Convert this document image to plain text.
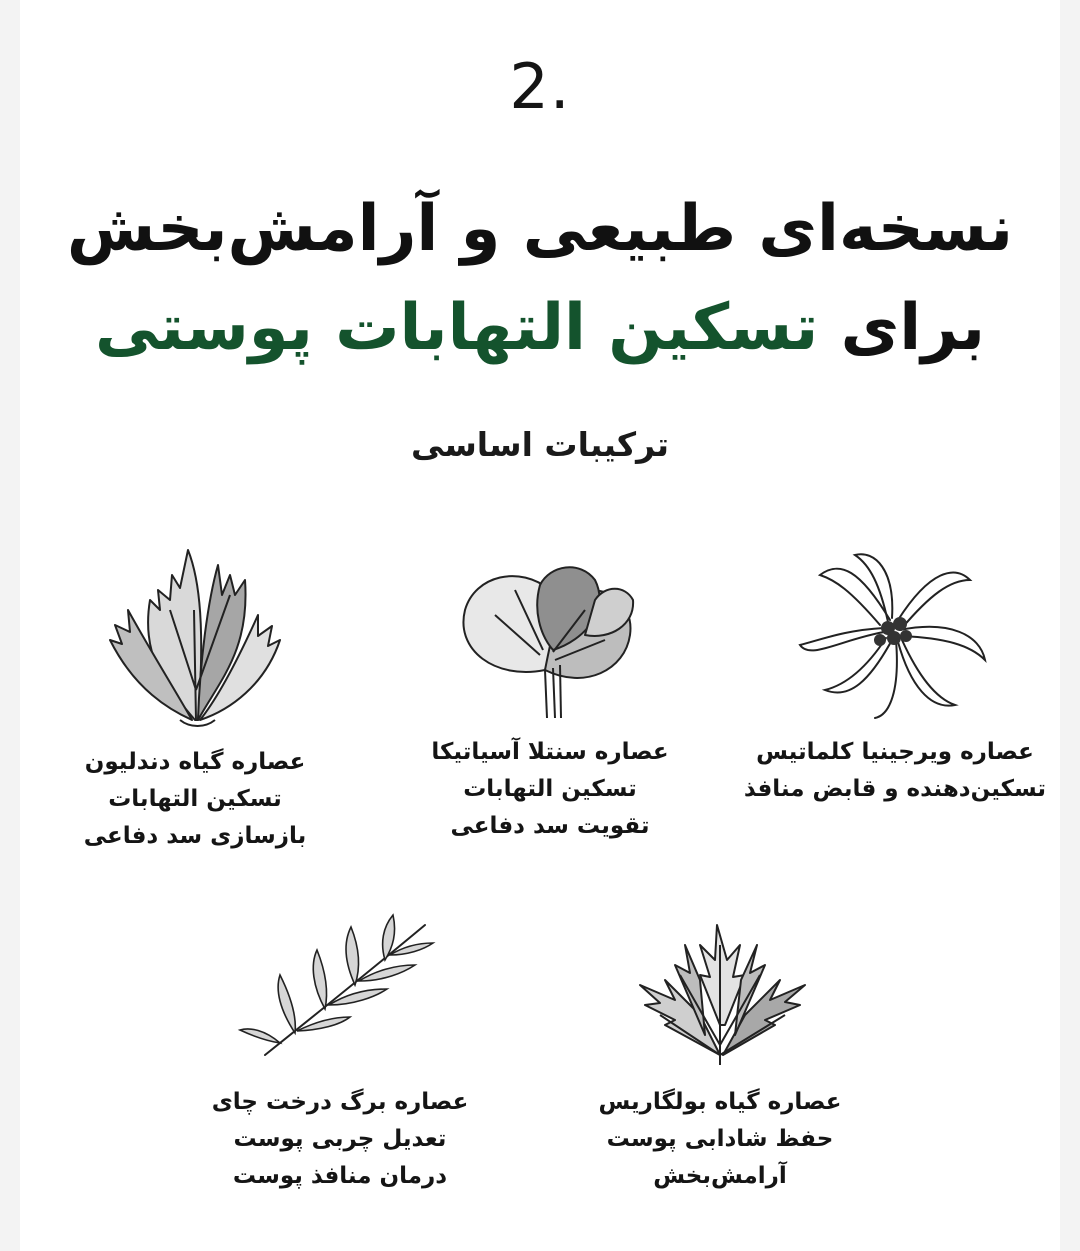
2.
نسخه‌ای طبیعی و آرامش‌بخش
برای تسکین التهابات پوستی
ترکیبات اساسی
عصاره ویرجینیا کلماتیس
تسکین‌دهنده و قابض منافذ
عصاره سنتلا آسیاتیکا
تسکین التهابات
تقویت سد دفاعی
عصاره گیاه دندلیون
تسکین التهابات
بازسازی سد دفاعی
عصاره گیاه بولگاریس
حفظ شادابی پوست
آرامش‌بخش
عصاره برگ درخت چای
تعدیل چربی پوست
درمان منافذ پوست
